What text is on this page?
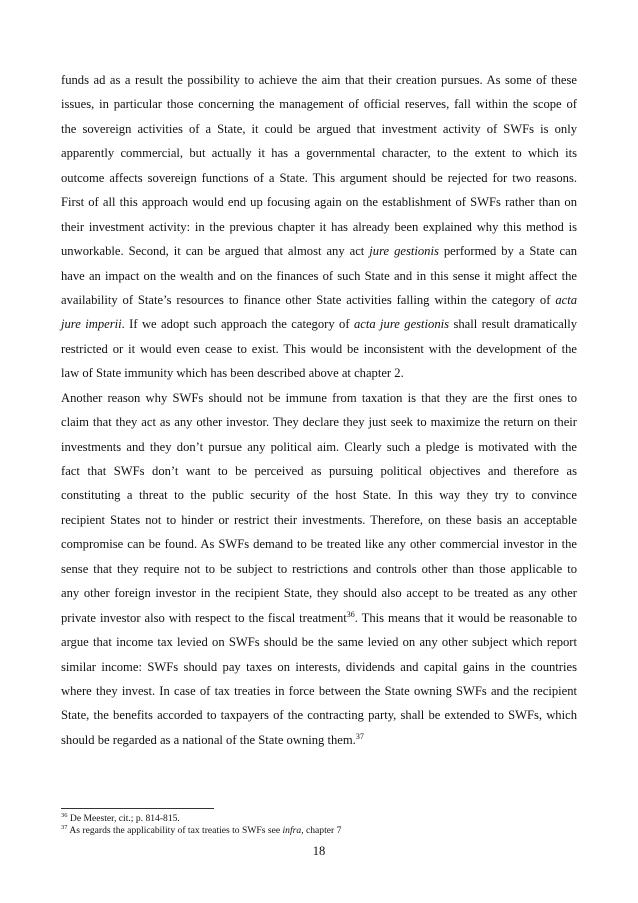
funds ad as a result the possibility to achieve the aim that their creation pursues. As some of these
issues, in particular those concerning the management of official reserves, fall within the scope of
the sovereign activities of a State, it could be argued that investment activity of SWFs is only
apparently commercial, but actually it has a governmental character, to the extent to which its
outcome affects sovereign functions of a State. This argument should be rejected for two reasons.
First of all this approach would end up focusing again on the establishment of SWFs rather than on
their investment activity: in the previous chapter it has already been explained why this method is
unworkable. Second, it can be argued that almost any act jure gestionis performed by a State can
have an impact on the wealth and on the finances of such State and in this sense it might affect the
availability of State’s resources to finance other State activities falling within the category of acta
jure imperii. If we adopt such approach the category of acta jure gestionis shall result dramatically
restricted or it would even cease to exist. This would be inconsistent with the development of the
law of State immunity which has been described above at chapter 2.
Another reason why SWFs should not be immune from taxation is that they are the first ones to
claim that they act as any other investor. They declare they just seek to maximize the return on their
investments and they don’t pursue any political aim. Clearly such a pledge is motivated with the
fact that SWFs don’t want to be perceived as pursuing political objectives and therefore as
constituting a threat to the public security of the host State. In this way they try to convince
recipient States not to hinder or restrict their investments. Therefore, on these basis an acceptable
compromise can be found. As SWFs demand to be treated like any other commercial investor in the
sense that they require not to be subject to restrictions and controls other than those applicable to
any other foreign investor in the recipient State, they should also accept to be treated as any other
private investor also with respect to the fiscal treatment$^{36}$. This means that it would be reasonable to
argue that income tax levied on SWFs should be the same levied on any other subject which report
similar income: SWFs should pay taxes on interests, dividends and capital gains in the countries
where they invest. In case of tax treaties in force between the State owning SWFs and the recipient
State, the benefits accorded to taxpayers of the contracting party, shall be extended to SWFs, which
should be regarded as a national of the State owning them.$^{37}$
$^{36}$ De Meester, cit.; p. 814-815.
$^{37}$ As regards the applicability of tax treaties to SWFs see infra, chapter 7
18
